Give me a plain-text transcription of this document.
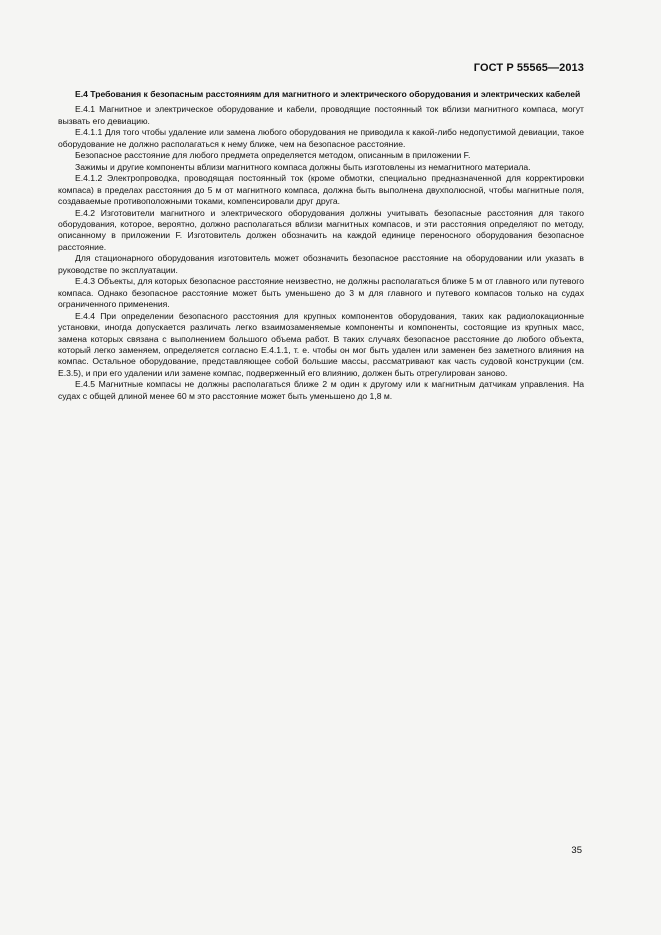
ГОСТ Р 55565—2013
Е.4 Требования к безопасным расстояниям для магнитного и электрического оборудования и электрических кабелей

Е.4.1 Магнитное и электрическое оборудование и кабели, проводящие постоянный ток вблизи магнитного компаса, могут вызвать его девиацию.

Е.4.1.1 Для того чтобы удаление или замена любого оборудования не приводила к какой-либо недопустимой девиации, такое оборудование не должно располагаться к нему ближе, чем на безопасное расстояние.

Безопасное расстояние для любого предмета определяется методом, описанным в приложении F.

Зажимы и другие компоненты вблизи магнитного компаса должны быть изготовлены из немагнитного материала.

Е.4.1.2 Электропроводка, проводящая постоянный ток (кроме обмотки, специально предназначенной для корректировки компаса) в пределах расстояния до 5 м от магнитного компаса, должна быть выполнена двухполюсной, чтобы магнитные поля, создаваемые противоположными токами, компенсировали друг друга.

Е.4.2 Изготовители магнитного и электрического оборудования должны учитывать безопасные расстояния для такого оборудования, которое, вероятно, должно располагаться вблизи магнитных компасов, и эти расстояния определяют по методу, описанному в приложении F. Изготовитель должен обозначить на каждой единице переносного оборудования безопасное расстояние.

Для стационарного оборудования изготовитель может обозначить безопасное расстояние на оборудовании или указать в руководстве по эксплуатации.

Е.4.3 Объекты, для которых безопасное расстояние неизвестно, не должны располагаться ближе 5 м от главного или путевого компаса. Однако безопасное расстояние может быть уменьшено до 3 м для главного и путевого компасов только на судах ограниченного применения.

Е.4.4 При определении безопасного расстояния для крупных компонентов оборудования, таких как радиолокационные установки, иногда допускается различать легко взаимозаменяемые компоненты и компоненты, состоящие из крупных масс, замена которых связана с выполнением большого объема работ. В таких случаях безопасное расстояние до любого объекта, который легко заменяем, определяется согласно Е.4.1.1, т. е. чтобы он мог быть удален или заменен без заметного влияния на компас. Остальное оборудование, представляющее собой большие массы, рассматривают как часть судовой конструкции (см. Е.3.5), и при его удалении или замене компас, подверженный его влиянию, должен быть отрегулирован заново.

Е.4.5 Магнитные компасы не должны располагаться ближе 2 м один к другому или к магнитным датчикам управления. На судах с общей длиной менее 60 м это расстояние может быть уменьшено до 1,8 м.

35
